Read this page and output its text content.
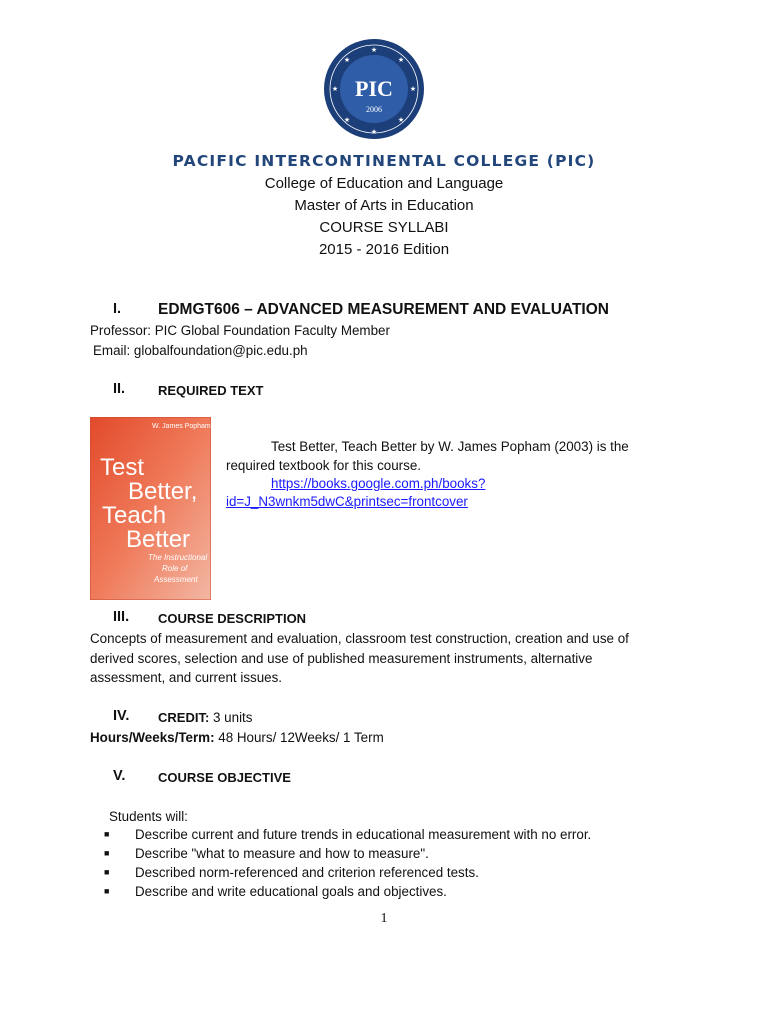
★
★
★
★
★
★
★
★
PIC
2006
PACIFIC INTERCONTINENTAL COLLEGE (PIC)
College of Education and Language
Master of Arts in Education
COURSE SYLLABI
2015 - 2016 Edition
I. EDMGT606 – ADVANCED MEASUREMENT AND EVALUATION
Professor: PIC Global Foundation Faculty Member
Email: globalfoundation@pic.edu.ph
II.	REQUIRED TEXT
W. James Popham
Test
Better,
Teach
Better
The Instructional
Role of
Assessment
Test Better, Teach Better by W. James Popham (2003) is the
required textbook for this course.
https://books.google.com.ph/books?
id=J_N3wnkm5dwC&printsec=frontcover
III. COURSE DESCRIPTION
Concepts of measurement and evaluation, classroom test construction, creation and use of
derived scores, selection and use of published measurement instruments, alternative
assessment, and current issues.
IV. CREDIT: 3 units
Hours/Weeks/Term: 48 Hours/ 12Weeks/ 1 Term
V.	COURSE OBJECTIVE
Students will:
■ Describe current and future trends in educational measurement with no error.
■ Describe "what to measure and how to measure".
■ Described norm-referenced and criterion referenced tests.
■ Describe and write educational goals and objectives.
1
